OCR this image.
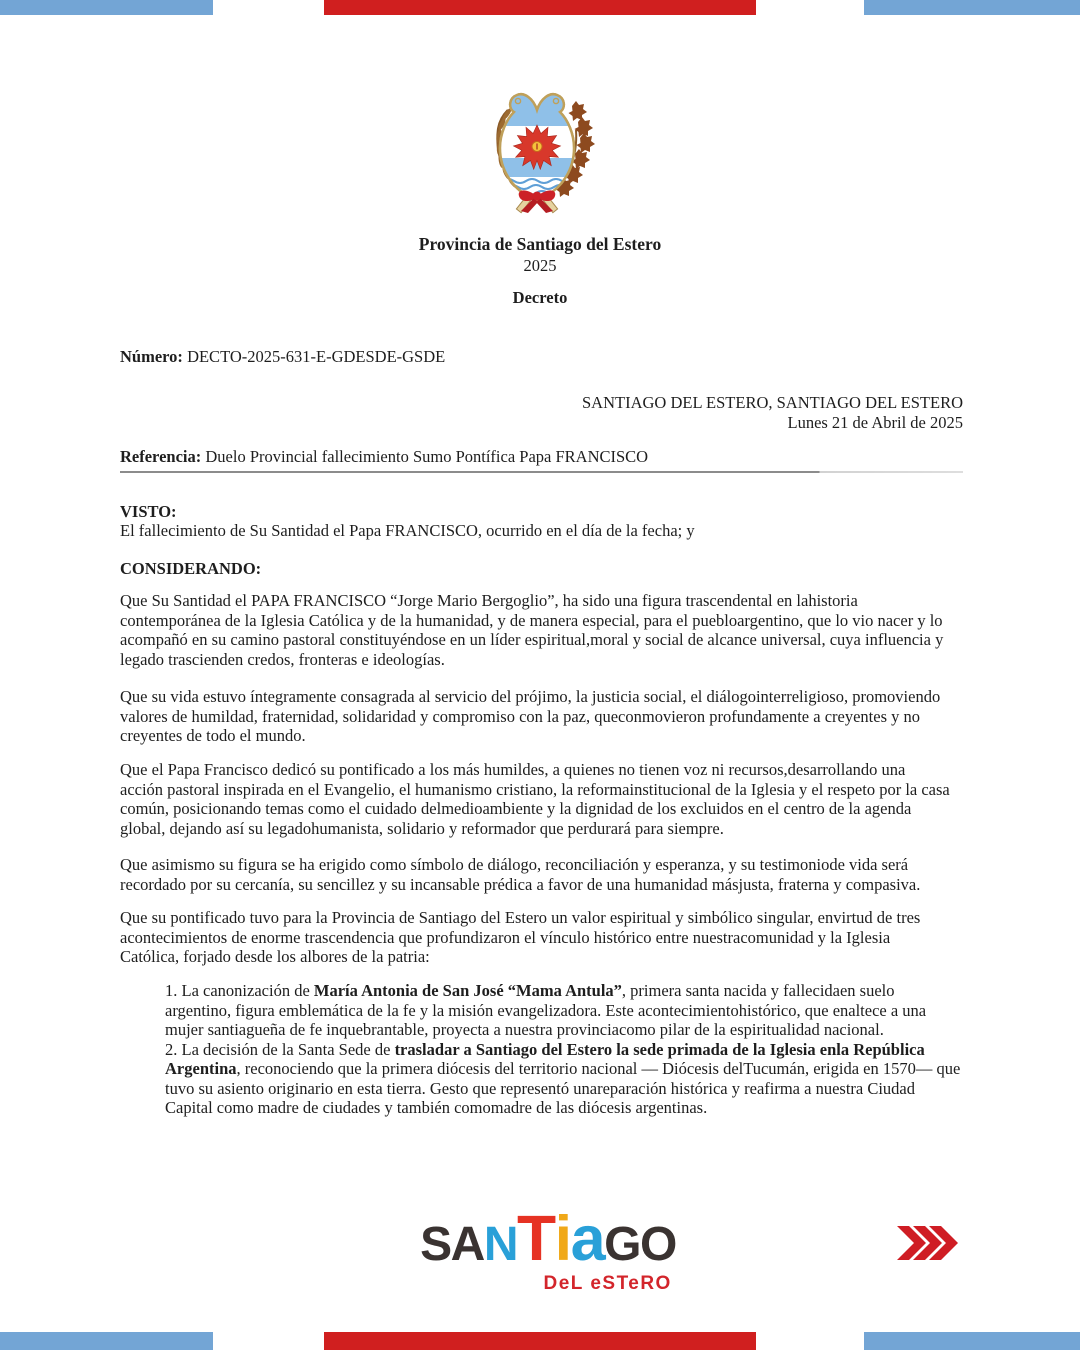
Provincia de Santiago del Estero
2025
Decreto
Número: DECTO-2025-631-E-GDESDE-GSDE
SANTIAGO DEL ESTERO, SANTIAGO DEL ESTERO
Lunes 21 de Abril de 2025
Referencia: Duelo Provincial fallecimiento Sumo Pontífica Papa FRANCISCO
VISTO:
El fallecimiento de Su Santidad el Papa FRANCISCO, ocurrido en el día de la fecha; y
CONSIDERANDO:

Que Su Santidad el PAPA FRANCISCO “Jorge Mario Bergoglio”, ha sido una figura trascendental en lahistoria contemporánea de la Iglesia Católica y de la humanidad, y de manera especial, para el puebloargentino, que lo vio nacer y lo acompañó en su camino pastoral constituyéndose en un líder espiritual,moral y social de alcance universal, cuya influencia y legado trascienden credos, fronteras e ideologías.

Que su vida estuvo íntegramente consagrada al servicio del prójimo, la justicia social, el diálogointerreligioso, promoviendo valores de humildad, fraternidad, solidaridad y compromiso con la paz, queconmovieron profundamente a creyentes y no creyentes de todo el mundo.

Que el Papa Francisco dedicó su pontificado a los más humildes, a quienes no tienen voz ni recursos,desarrollando una acción pastoral inspirada en el Evangelio, el humanismo cristiano, la reformainstitucional de la Iglesia y el respeto por la casa común, posicionando temas como el cuidado delmedioambiente y la dignidad de los excluidos en el centro de la agenda global, dejando así su legadohumanista, solidario y reformador que perdurará para siempre.

Que asimismo su figura se ha erigido como símbolo de diálogo, reconciliación y esperanza, y su testimoniode vida será recordado por su cercanía, su sencillez y su incansable prédica a favor de una humanidad másjusta, fraterna y compasiva.

Que su pontificado tuvo para la Provincia de Santiago del Estero un valor espiritual y simbólico singular, envirtud de tres acontecimientos de enorme trascendencia que profundizaron el vínculo histórico entre nuestracomunidad y la Iglesia Católica, forjado desde los albores de la patria:

1. La canonización de María Antonia de San José “Mama Antula”, primera santa nacida y fallecidaen suelo argentino, figura emblemática de la fe y la misión evangelizadora. Este acontecimientohistórico, que enaltece a una mujer santiagueña de fe inquebrantable, proyecta a nuestra provinciacomo pilar de la espiritualidad nacional.

2. La decisión de la Santa Sede de trasladar a Santiago del Estero la sede primada de la Iglesia enla República Argentina, reconociendo que la primera diócesis del territorio nacional — Diócesis delTucumán, erigida en 1570— que tuvo su asiento originario en esta tierra. Gesto que representó unareparación histórica y reafirma a nuestra Ciudad Capital como madre de ciudades y también comomadre de las diócesis argentinas.

S A N T i a G O
DeL eSTeRO
